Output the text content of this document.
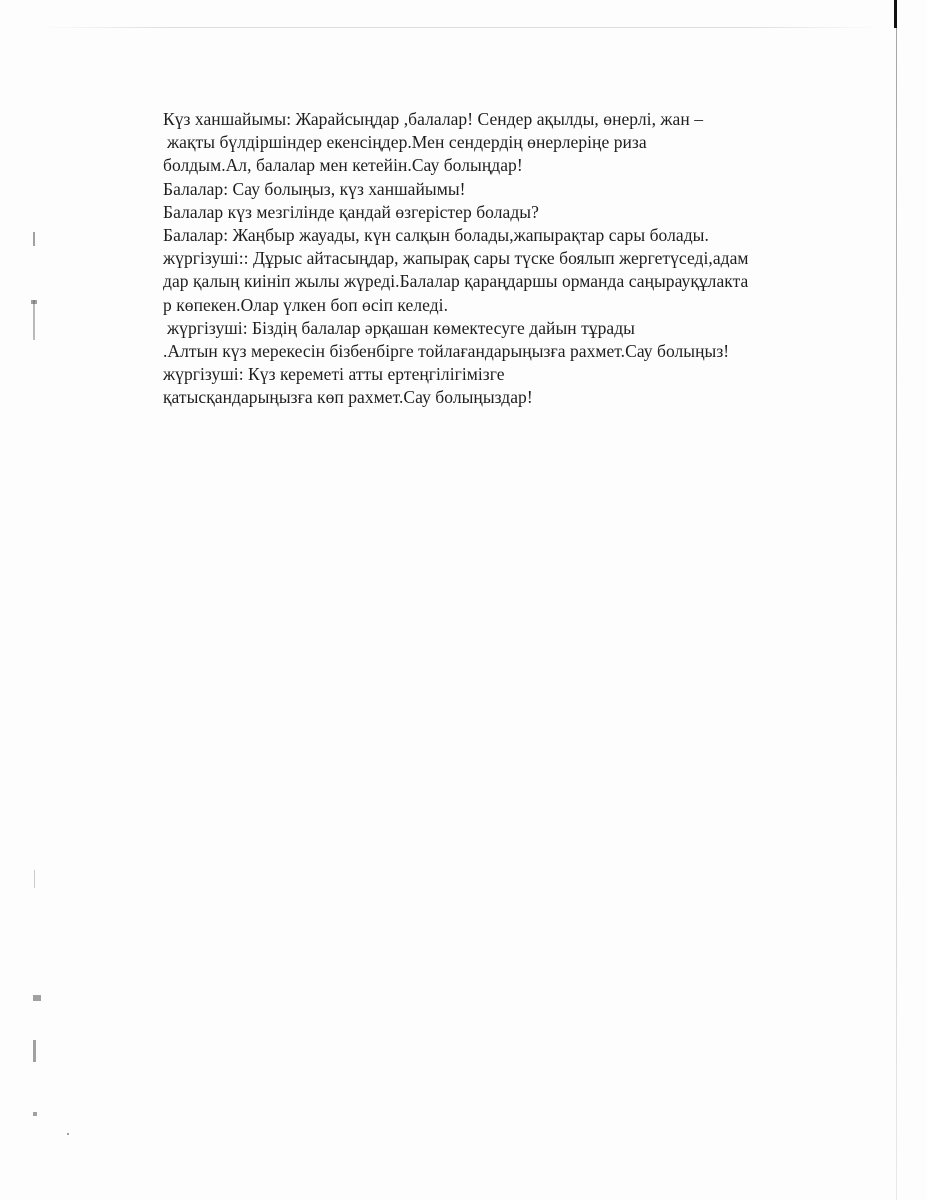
Күз ханшайымы: Жарайсыңдар ,балалар! Сендер ақылды, өнерлі, жан –
жақты бүлдіршіндер екенсіңдер.Мен сендердің өнерлеріңе риза
болдым.Ал, балалар мен кетейін.Сау болыңдар!
Балалар: Сау болыңыз, күз ханшайымы!
Балалар күз мезгілінде қандай өзгерістер болады?
Балалар: Жаңбыр жауады, күн салқын болады,жапырақтар сары болады.
жүргізуші:: Дұрыс айтасыңдар, жапырақ сары түске боялып жергетүседі,адам
дар қалың киініп жылы жүреді.Балалар қараңдаршы орманда саңырауқұлакта
р көпекен.Олар үлкен боп өсіп келеді.
жүргізуші: Біздің балалар әрқашан көмектесуге дайын тұрады
.Алтын күз мерекесін бізбенбірге тойлағандарыңызға рахмет.Сау болыңыз!
жүргізуші: Күз кереметі атты ертеңгілігімізге
қатысқандарыңызға көп рахмет.Сау болыңыздар!
